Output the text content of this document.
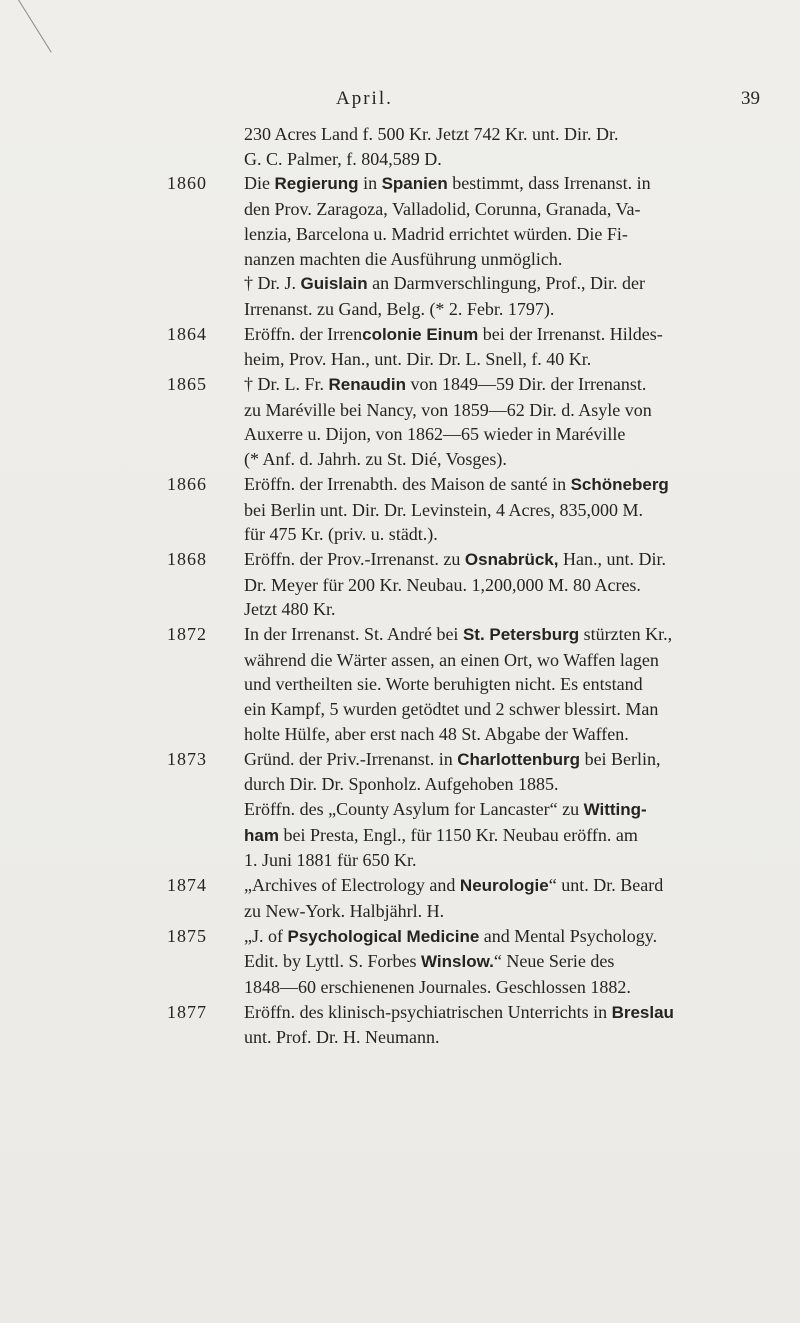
April.	39
230 Acres Land f. 500 Kr. Jetzt 742 Kr. unt. Dir. Dr.
G. C. Palmer, f. 804,589 D.
1860	Die Regierung in Spanien bestimmt, dass Irrenanst. in
den Prov. Zaragoza, Valladolid, Corunna, Granada, Va-
lenzia, Barcelona u. Madrid errichtet würden. Die Fi-
nanzen machten die Ausführung unmöglich.
† Dr. J. Guislain an Darmverschlingung, Prof., Dir. der
Irrenanst. zu Gand, Belg. (* 2. Febr. 1797).
1864	Eröffn. der Irrencolonie Einum bei der Irrenanst. Hildes-
heim, Prov. Han., unt. Dir. Dr. L. Snell, f. 40 Kr.
1865	† Dr. L. Fr. Renaudin von 1849—59 Dir. der Irrenanst.
zu Maréville bei Nancy, von 1859—62 Dir. d. Asyle von
Auxerre u. Dijon, von 1862—65 wieder in Maréville
(* Anf. d. Jahrh. zu St. Dié, Vosges).
1866	Eröffn. der Irrenabth. des Maison de santé in Schöneberg
bei Berlin unt. Dir. Dr. Levinstein, 4 Acres, 835,000 M.
für 475 Kr. (priv. u. städt.).
1868	Eröffn. der Prov.-Irrenanst. zu Osnabrück, Han., unt. Dir.
Dr. Meyer für 200 Kr. Neubau. 1,200,000 M. 80 Acres.
Jetzt 480 Kr.
1872	In der Irrenanst. St. André bei St. Petersburg stürzten Kr.,
während die Wärter assen, an einen Ort, wo Waffen lagen
und vertheilten sie. Worte beruhigten nicht. Es entstand
ein Kampf, 5 wurden getödtet und 2 schwer blessirt. Man
holte Hülfe, aber erst nach 48 St. Abgabe der Waffen.
1873	Gründ. der Priv.-Irrenanst. in Charlottenburg bei Berlin,
durch Dir. Dr. Sponholz. Aufgehoben 1885.
Eröffn. des „County Asylum for Lancaster“ zu Witting-
ham bei Presta, Engl., für 1150 Kr. Neubau eröffn. am
1. Juni 1881 für 650 Kr.
1874	„Archives of Electrology and Neurologie“ unt. Dr. Beard
zu New-York. Halbjährl. H.
1875	„J. of Psychological Medicine and Mental Psychology.
Edit. by Lyttl. S. Forbes Winslow.“ Neue Serie des
1848—60 erschienenen Journales. Geschlossen 1882.
1877	Eröffn. des klinisch-psychiatrischen Unterrichts in Breslau
unt. Prof. Dr. H. Neumann.
